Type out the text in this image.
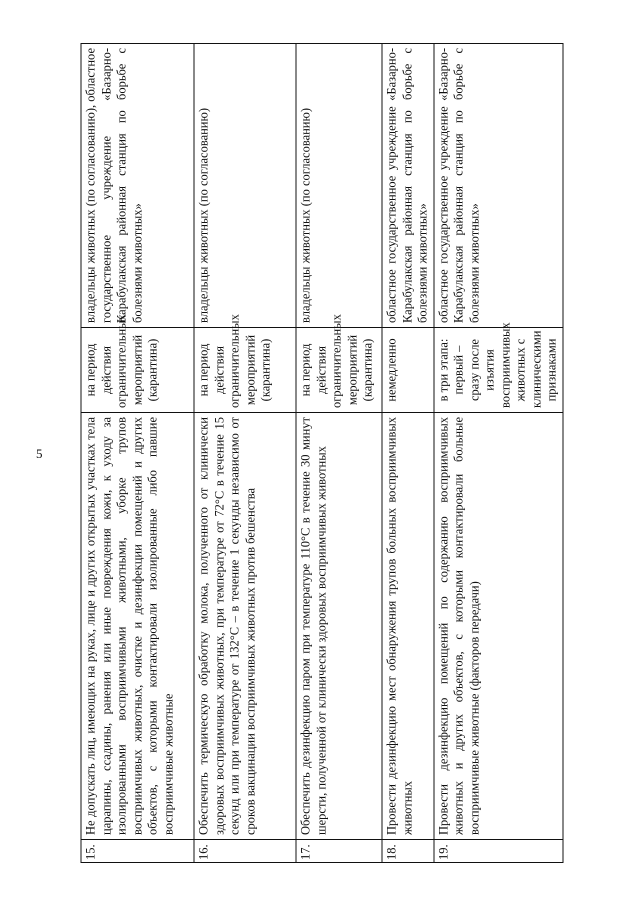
5
15.	Не допускать лиц, имеющих на руках, лице и других открытых участках тела царапины, ссадины, ранения или иные повреждения кожи, к уходу за изолированными восприимчивыми животными, уборке трупов восприимчивых животных, очистке и дезинфекции помещений и других объектов, с которыми контактировали изолированные либо павшие восприимчивые животные	на период действия ограничительных мероприятий (карантина)	владельцы животных (по согласованию), областное государственное учреждение «Базарно-Карабулакская районная станция по борьбе с болезнями животных»
16.	Обеспечить термическую обработку молока, полученного от клинически здоровых восприимчивых животных, при температуре от 72°С в течение 15 секунд или при температуре от 132°С – в течение 1 секунды независимо от сроков вакцинации восприимчивых животных против бешенства	на период действия ограничительных мероприятий (карантина)	владельцы животных (по согласованию)
17.	Обеспечить дезинфекцию паром при температуре 110°С в течение 30 минут шерсти, полученной от клинически здоровых восприимчивых животных	на период действия ограничительных мероприятий (карантина)	владельцы животных (по согласованию)
18.	Провести дезинфекцию мест обнаружения трупов больных восприимчивых животных	немедленно	областное государственное учреждение «Базарно-Карабулакская районная станция по борьбе с болезнями животных»
19.	Провести дезинфекцию помещений по содержанию восприимчивых животных и других объектов, с которыми контактировали больные восприимчивые животные (факторов передачи)	в три этапа: первый – сразу после изъятия восприимчивых животных с клиническими признаками	областное государственное учреждение «Базарно-Карабулакская районная станция по борьбе с болезнями животных»
